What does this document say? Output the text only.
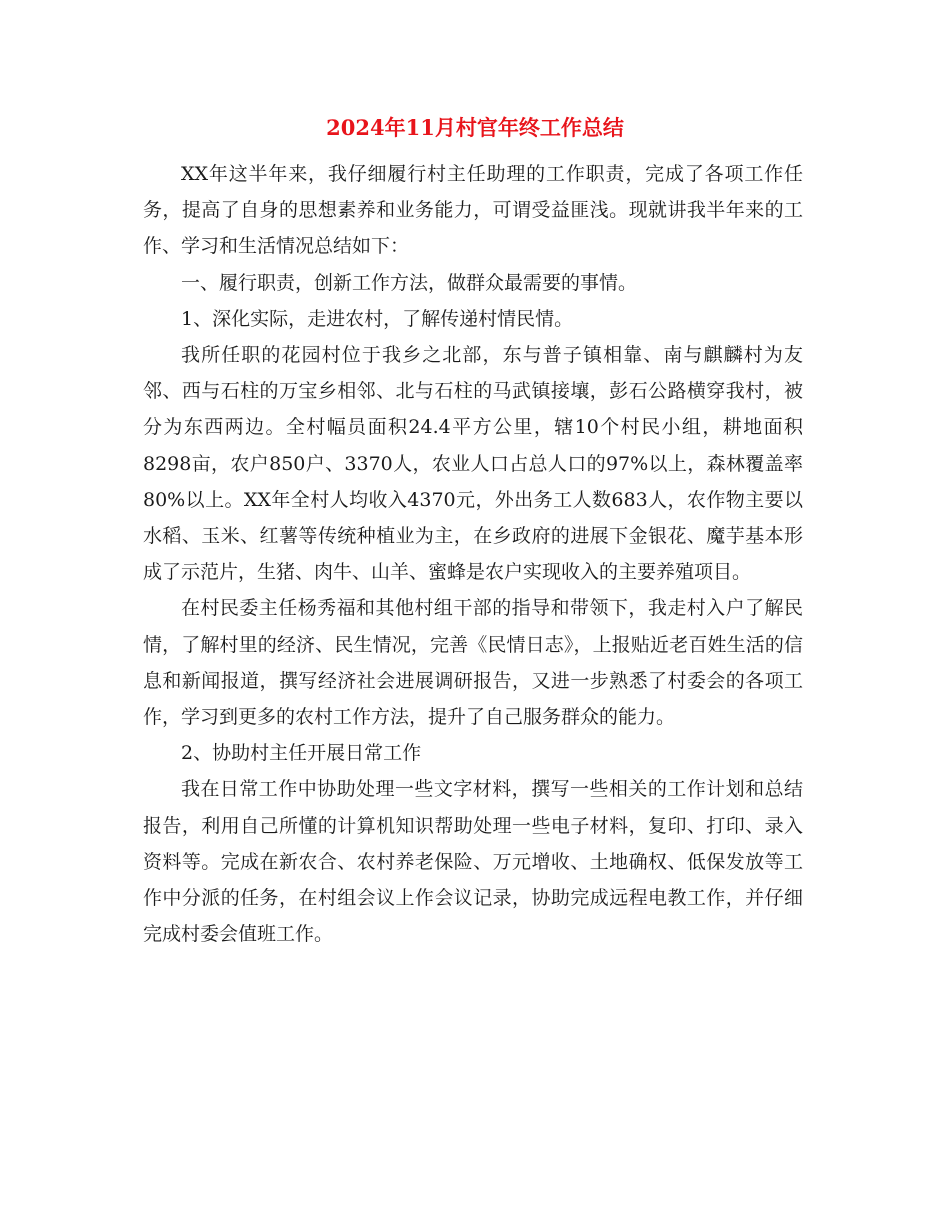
2024年11月村官年终工作总结

XX年这半年来，我仔细履行村主任助理的工作职责，完成了各项工作任务，提高了自身的思想素养和业务能力，可谓受益匪浅。现就讲我半年来的工作、学习和生活情况总结如下：

一、履行职责，创新工作方法，做群众最需要的事情。

1、深化实际，走进农村，了解传递村情民情。

我所任职的花园村位于我乡之北部，东与普子镇相靠、南与麒麟村为友邻、西与石柱的万宝乡相邻、北与石柱的马武镇接壤，彭石公路横穿我村，被分为东西两边。全村幅员面积24.4平方公里，辖10个村民小组，耕地面积8298亩，农户850户、3370人，农业人口占总人口的97%以上，森林覆盖率80%以上。XX年全村人均收入4370元，外出务工人数683人，农作物主要以水稻、玉米、红薯等传统种植业为主，在乡政府的进展下金银花、魔芋基本形成了示范片，生猪、肉牛、山羊、蜜蜂是农户实现收入的主要养殖项目。

在村民委主任杨秀福和其他村组干部的指导和带领下，我走村入户了解民情，了解村里的经济、民生情况，完善《民情日志》，上报贴近老百姓生活的信息和新闻报道，撰写经济社会进展调研报告，又进一步熟悉了村委会的各项工作，学习到更多的农村工作方法，提升了自己服务群众的能力。

2、协助村主任开展日常工作

我在日常工作中协助处理一些文字材料，撰写一些相关的工作计划和总结报告，利用自己所懂的计算机知识帮助处理一些电子材料，复印、打印、录入资料等。完成在新农合、农村养老保险、万元增收、土地确权、低保发放等工作中分派的任务，在村组会议上作会议记录，协助完成远程电教工作，并仔细完成村委会值班工作。
